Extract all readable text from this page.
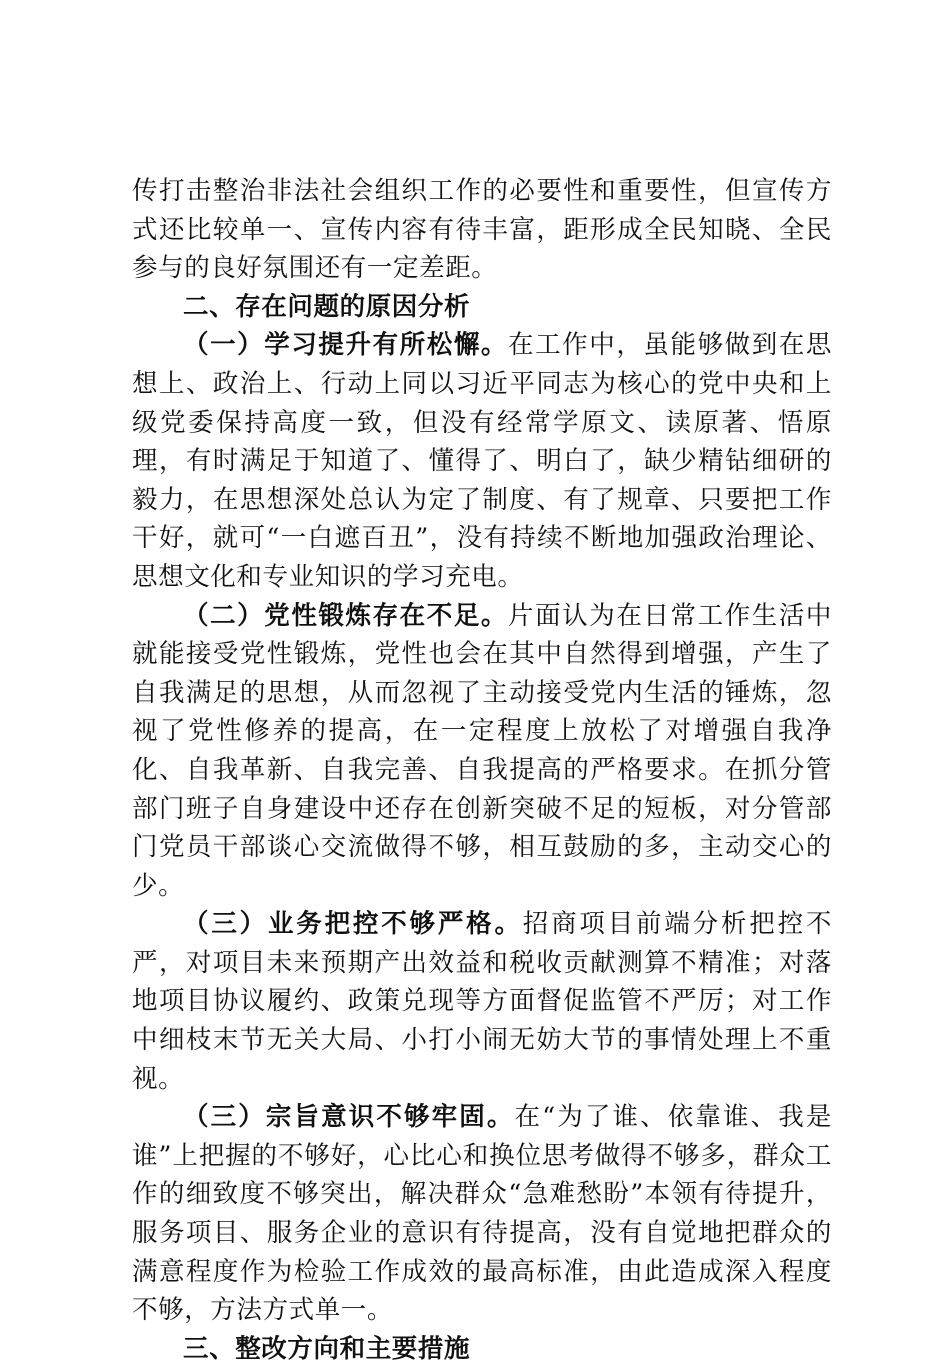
传打击整治非法社会组织工作的必要性和重要性，但宣传方式还比较单一、宣传内容有待丰富，距形成全民知晓、全民参与的良好氛围还有一定差距。

二、存在问题的原因分析

（一）学习提升有所松懈。在工作中，虽能够做到在思想上、政治上、行动上同以习近平同志为核心的党中央和上级党委保持高度一致，但没有经常学原文、读原著、悟原理，有时满足于知道了、懂得了、明白了，缺少精钻细研的毅力，在思想深处总认为定了制度、有了规章、只要把工作干好，就可“一白遮百丑”，没有持续不断地加强政治理论、思想文化和专业知识的学习充电。

（二）党性锻炼存在不足。片面认为在日常工作生活中就能接受党性锻炼，党性也会在其中自然得到增强，产生了自我满足的思想，从而忽视了主动接受党内生活的锤炼，忽视了党性修养的提高，在一定程度上放松了对增强自我净化、自我革新、自我完善、自我提高的严格要求。在抓分管部门班子自身建设中还存在创新突破不足的短板，对分管部门党员干部谈心交流做得不够，相互鼓励的多，主动交心的少。

（三）业务把控不够严格。招商项目前端分析把控不严，对项目未来预期产出效益和税收贡献测算不精准；对落地项目协议履约、政策兑现等方面督促监管不严厉；对工作中细枝末节无关大局、小打小闹无妨大节的事情处理上不重视。

（三）宗旨意识不够牢固。在“为了谁、依靠谁、我是谁”上把握的不够好，心比心和换位思考做得不够多，群众工作的细致度不够突出，解决群众“急难愁盼”本领有待提升，服务项目、服务企业的意识有待提高，没有自觉地把群众的满意程度作为检验工作成效的最高标准，由此造成深入程度不够，方法方式单一。

三、整改方向和主要措施
